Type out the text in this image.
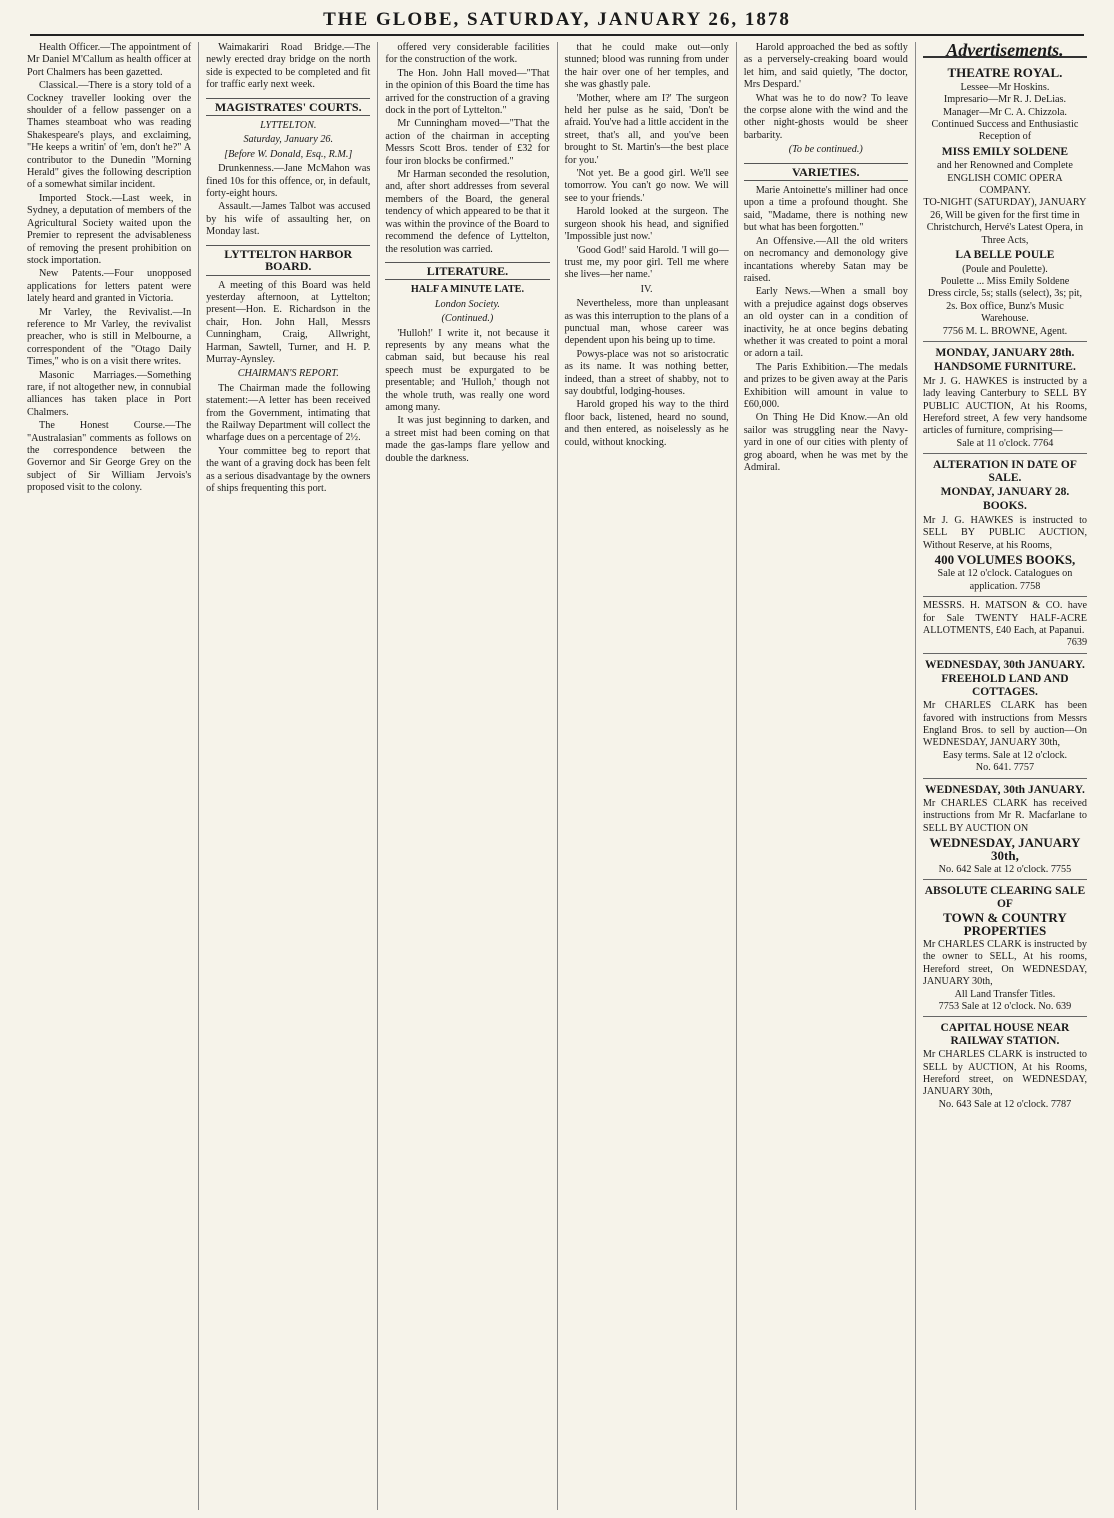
THE GLOBE, SATURDAY, JANUARY 26, 1878

Health Officer.—The appointment of Mr Daniel M'Callum as health officer at Port Chalmers has been gazetted.

Classical.—There is a story told of a Cockney traveller looking over the shoulder of a fellow passenger on a Thames steamboat who was reading Shakespeare's plays, and exclaiming, "He keeps a writin' of 'em, don't he?" A contributor to the Dunedin "Morning Herald" gives the following description of a somewhat similar incident.

Imported Stock.—Last week, in Sydney, a deputation of members of the Agricultural Society waited upon the Premier to represent the advisableness of removing the present prohibition on stock importation.

New Patents.—Four unopposed applications for letters patent were lately heard and granted in Victoria.

Mr Varley, the Revivalist.—In reference to Mr Varley, the revivalist preacher, who is still in Melbourne, a correspondent of the "Otago Daily Times," who is on a visit there writes.

Masonic Marriages.—Something rare, if not altogether new, in connubial alliances has taken place in Port Chalmers.

The Honest Course.—The "Australasian" comments as follows on the correspondence between the Governor and Sir George Grey on the subject of Sir William Jervois's proposed visit to the colony.

Waimakariri Road Bridge.—The newly erected dray bridge on the north side is expected to be completed and fit for traffic early next week.

MAGISTRATES' COURTS.
LYTTELTON.
Saturday, January 26.
[Before W. Donald, Esq., R.M.]

Drunkenness.—Jane McMahon was fined 10s for this offence, or, in default, forty-eight hours.

Assault.—James Talbot was accused by his wife of assaulting her, on Monday last.

LYTTELTON HARBOR BOARD.

A meeting of this Board was held yesterday afternoon, at Lyttelton; present—Hon. E. Richardson in the chair, Hon. John Hall, Messrs Cunningham, Craig, Allwright, Harman, Sawtell, Turner, and H. P. Murray-Aynsley.

CHAIRMAN'S REPORT.

The Chairman made the following statement:—A letter has been received from the Government, intimating that the Railway Department will collect the wharfage dues on a percentage of 2½.

Your committee beg to report that the want of a graving dock has been felt as a serious disadvantage by the owners of ships frequenting this port.

offered very considerable facilities for the construction of the work.

The Hon. John Hall moved—"That in the opinion of this Board the time has arrived for the construction of a graving dock in the port of Lyttelton."

Mr Cunningham moved—"That the action of the chairman in accepting Messrs Scott Bros. tender of £32 for four iron blocks be confirmed."

Mr Harman seconded the resolution, and, after short addresses from several members of the Board, the general tendency of which appeared to be that it was within the province of the Board to recommend the defence of Lyttelton, the resolution was carried.

LITERATURE.
HALF A MINUTE LATE.
London Society.
(Continued.)

'Hulloh!' I write it, not because it represents by any means what the cabman said, but because his real speech must be expurgated to be presentable; and 'Hulloh,' though not the whole truth, was really one word among many.

It was just beginning to darken, and a street mist had been coming on that made the gas-lamps flare yellow and double the darkness.

that he could make out—only stunned; blood was running from under the hair over one of her temples, and she was ghastly pale.

'Mother, where am I?' The surgeon held her pulse as he said, 'Don't be afraid. You've had a little accident in the street, that's all, and you've been brought to St. Martin's—the best place for you.'

'Not yet. Be a good girl. We'll see tomorrow. You can't go now. We will see to your friends.'

Harold looked at the surgeon. The surgeon shook his head, and signified 'Impossible just now.'

'Good God!' said Harold. 'I will go—trust me, my poor girl. Tell me where she lives—her name.'

IV.

Nevertheless, more than unpleasant as was this interruption to the plans of a punctual man, whose career was dependent upon his being up to time.

Powys-place was not so aristocratic as its name. It was nothing better, indeed, than a street of shabby, not to say doubtful, lodging-houses.

Harold groped his way to the third floor back, listened, heard no sound, and then entered, as noiselessly as he could, without knocking.

Harold approached the bed as softly as a perversely-creaking board would let him, and said quietly, 'The doctor, Mrs Despard.'

What was he to do now? To leave the corpse alone with the wind and the other night-ghosts would be sheer barbarity.

(To be continued.)
VARIETIES.

Marie Antoinette's milliner had once upon a time a profound thought. She said, "Madame, there is nothing new but what has been forgotten."

An Offensive.—All the old writers on necromancy and demonology give incantations whereby Satan may be raised.

Early News.—When a small boy with a prejudice against dogs observes an old oyster can in a condition of inactivity, he at once begins debating whether it was created to point a moral or adorn a tail.

The Paris Exhibition.—The medals and prizes to be given away at the Paris Exhibition will amount in value to £60,000.

On Thing He Did Know.—An old sailor was struggling near the Navy-yard in one of our cities with plenty of grog aboard, when he was met by the Admiral.

Advertisements.
THEATRE ROYAL.
Lessee—Mr Hoskins.
Impresario—Mr R. J. DeLias.
Manager—Mr C. A. Chizzola.
Continued Success and Enthusiastic Reception of
MISS EMILY SOLDENE
and her Renowned and Complete ENGLISH COMIC OPERA COMPANY.
TO-NIGHT (SATURDAY), JANUARY 26, Will be given for the first time in Christchurch, Hervé's Latest Opera, in Three Acts,
LA BELLE POULE
(Poule and Poulette).
Poulette ... Miss Emily Soldene
Dress circle, 5s; stalls (select), 3s; pit, 2s. Box office, Bunz's Music Warehouse.
7756 M. L. BROWNE, Agent.
MONDAY, JANUARY 28th.
HANDSOME FURNITURE.
Mr J. G. HAWKES is instructed by a lady leaving Canterbury to SELL BY PUBLIC AUCTION, At his Rooms, Hereford street, A few very handsome articles of furniture, comprising—
Sale at 11 o'clock. 7764
ALTERATION IN DATE OF SALE.
MONDAY, JANUARY 28.
BOOKS.
Mr J. G. HAWKES is instructed to SELL BY PUBLIC AUCTION, Without Reserve, at his Rooms,
400 VOLUMES BOOKS,
Sale at 12 o'clock. Catalogues on application. 7758
MESSRS. H. MATSON & CO. have for Sale TWENTY HALF-ACRE ALLOTMENTS, £40 Each, at Papanui.
7639
WEDNESDAY, 30th JANUARY.
FREEHOLD LAND AND COTTAGES.
Mr CHARLES CLARK has been favored with instructions from Messrs England Bros. to sell by auction—On WEDNESDAY, JANUARY 30th,
Easy terms. Sale at 12 o'clock.
No. 641. 7757
WEDNESDAY, 30th JANUARY.
Mr CHARLES CLARK has received instructions from Mr R. Macfarlane to SELL BY AUCTION ON
WEDNESDAY, JANUARY 30th,
No. 642 Sale at 12 o'clock. 7755
ABSOLUTE CLEARING SALE OF
TOWN & COUNTRY PROPERTIES
Mr CHARLES CLARK is instructed by the owner to SELL, At his rooms, Hereford street, On WEDNESDAY, JANUARY 30th,
All Land Transfer Titles.
7753 Sale at 12 o'clock. No. 639
CAPITAL HOUSE NEAR RAILWAY STATION.
Mr CHARLES CLARK is instructed to SELL by AUCTION, At his Rooms, Hereford street, on WEDNESDAY, JANUARY 30th,
No. 643 Sale at 12 o'clock. 7787
